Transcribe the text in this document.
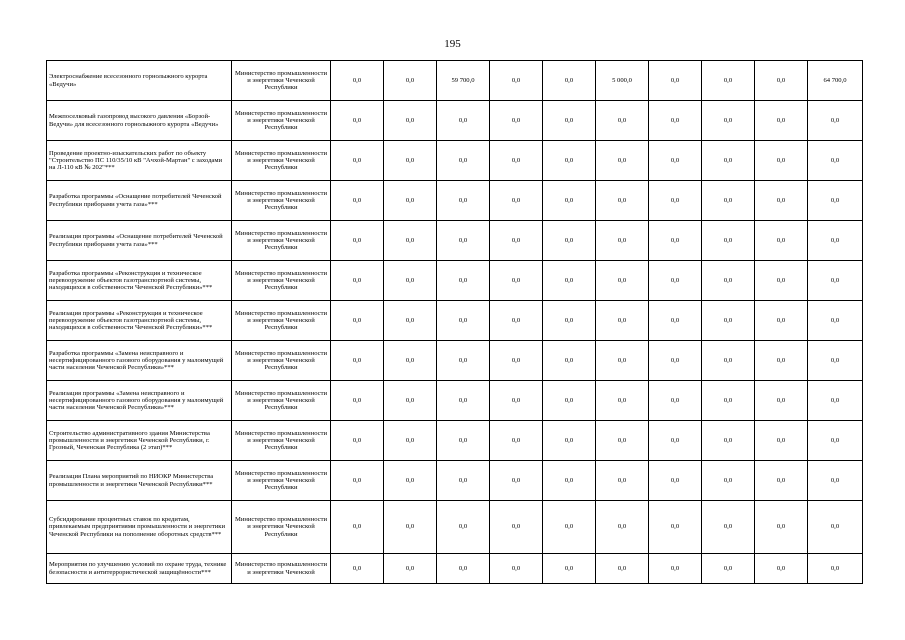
195
Электроснабжение всесезонного горнолыжного курорта «Ведучи»	Министерство промышленности и энергетики Чеченской Республики	0,0	0,0	59 700,0	0,0	0,0	5 000,0	0,0	0,0	0,0	64 700,0
Межпоселковый газопровод высокого давления «Борзой-Ведучи» для всесезонного горнолыжного курорта «Ведучи»	Министерство промышленности и энергетики Чеченской Республики	0,0	0,0	0,0	0,0	0,0	0,0	0,0	0,0	0,0	0,0
Проведение проектно-изыскательских работ по объекту "Строительство ПС 110/35/10 кВ "Ачхой-Мартан" с заходами на Л-110 кВ № 202"***	Министерство промышленности и энергетики Чеченской Республики	0,0	0,0	0,0	0,0	0,0	0,0	0,0	0,0	0,0	0,0
Разработка программы «Оснащение потребителей Чеченской Республики приборами учета газа»***	Министерство промышленности и энергетики Чеченской Республики	0,0	0,0	0,0	0,0	0,0	0,0	0,0	0,0	0,0	0,0
Реализация программы «Оснащение потребителей Чеченской Республики приборами учета газа»***	Министерство промышленности и энергетики Чеченской Республики	0,0	0,0	0,0	0,0	0,0	0,0	0,0	0,0	0,0	0,0
Разработка программы «Реконструкция и техническое перевооружение объектов газотранспортной системы, находящихся в собственности Чеченской Республики»***	Министерство промышленности и энергетики Чеченской Республики	0,0	0,0	0,0	0,0	0,0	0,0	0,0	0,0	0,0	0,0
Реализация программы «Реконструкция и техническое перевооружение объектов газотранспортной системы, находящихся в собственности Чеченской Республики»***	Министерство промышленности и энергетики Чеченской Республики	0,0	0,0	0,0	0,0	0,0	0,0	0,0	0,0	0,0	0,0
Разработка программы «Замена неисправного и несертифицированного газового оборудования у малоимущей части населения Чеченской Республики»***	Министерство промышленности и энергетики Чеченской Республики	0,0	0,0	0,0	0,0	0,0	0,0	0,0	0,0	0,0	0,0
Реализация программы «Замена неисправного и несертифицированного газового оборудования у малоимущей части населения Чеченской Республики»***	Министерство промышленности и энергетики Чеченской Республики	0,0	0,0	0,0	0,0	0,0	0,0	0,0	0,0	0,0	0,0
Строительство административного здания Министерства промышленности и энергетики Чеченской Республики, г. Грозный, Чеченская Республика (2 этап)***	Министерство промышленности и энергетики Чеченской Республики	0,0	0,0	0,0	0,0	0,0	0,0	0,0	0,0	0,0	0,0
Реализация Плана мероприятий по НИОКР Министерства промышленности и энергетики Чеченской Республики***	Министерство промышленности и энергетики Чеченской Республики	0,0	0,0	0,0	0,0	0,0	0,0	0,0	0,0	0,0	0,0
Субсидирование процентных ставок по кредитам, привлекаемым предприятиями промышленности и энергетики Чеченской Республики на пополнение оборотных средств***	Министерство промышленности и энергетики Чеченской Республики	0,0	0,0	0,0	0,0	0,0	0,0	0,0	0,0	0,0	0,0
Мероприятия по улучшению условий по охране труда, технике безопасности и антитеррористической защищённости***	Министерство промышленности и энергетики Чеченской	0,0	0,0	0,0	0,0	0,0	0,0	0,0	0,0	0,0	0,0
